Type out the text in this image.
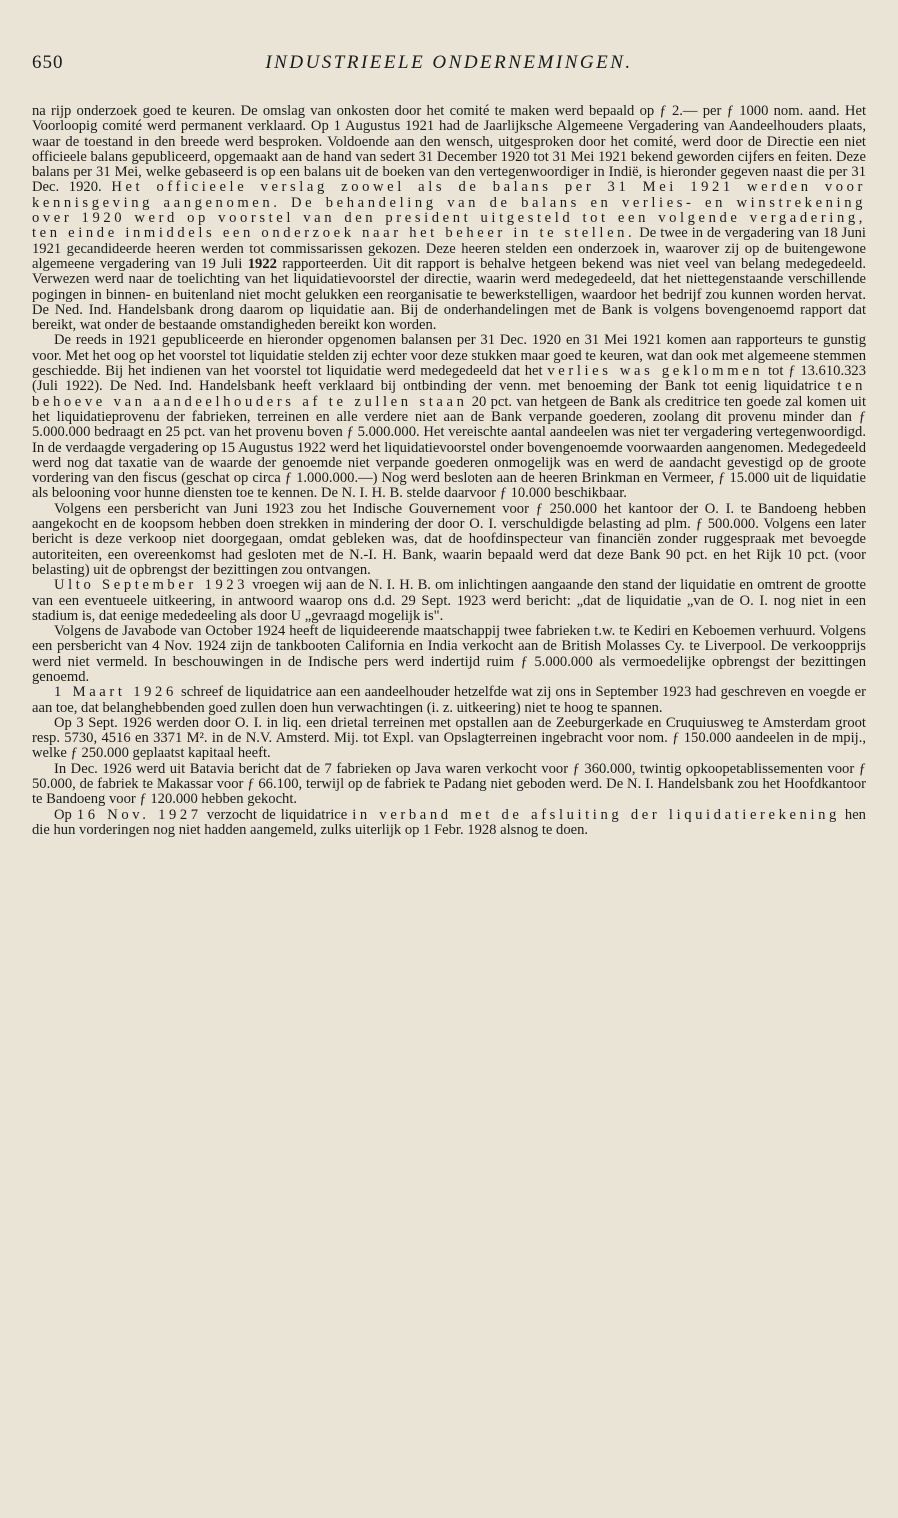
650	INDUSTRIEELE ONDERNEMINGEN.

na rijp onderzoek goed te keuren. De omslag van onkosten door het comité te maken werd bepaald op ƒ 2.— per ƒ 1000 nom. aand. Het Voorloopig comité werd permanent verklaard. Op 1 Augustus 1921 had de Jaarlijksche Algemeene Vergadering van Aandeelhouders plaats, waar de toestand in den breede werd besproken. Voldoende aan den wensch, uitgesproken door het comité, werd door de Directie een niet officieele balans gepubliceerd, opgemaakt aan de hand van sedert 31 December 1920 tot 31 Mei 1921 bekend geworden cijfers en feiten. Deze balans per 31 Mei, welke gebaseerd is op een balans uit de boeken van den vertegenwoordiger in Indië, is hieronder gegeven naast die per 31 Dec. 1920. Het officieele verslag zoowel als de balans per 31 Mei 1921 werden voor kennisgeving aangenomen. De behandeling van de balans en verlies- en winstrekening over 1920 werd op voorstel van den president uitgesteld tot een volgende vergadering, ten einde inmiddels een onderzoek naar het beheer in te stellen. De twee in de vergadering van 18 Juni 1921 gecandideerde heeren werden tot commissarissen gekozen. Deze heeren stelden een onderzoek in, waarover zij op de buitengewone algemeene vergadering van 19 Juli 1922 rapporteerden. Uit dit rapport is behalve hetgeen bekend was niet veel van belang medegedeeld. Verwezen werd naar de toelichting van het liquidatievoorstel der directie, waarin werd medegedeeld, dat het niettegenstaande verschillende pogingen in binnen- en buitenland niet mocht gelukken een reorganisatie te bewerkstelligen, waardoor het bedrijf zou kunnen worden hervat. De Ned. Ind. Handelsbank drong daarom op liquidatie aan. Bij de onderhandelingen met de Bank is volgens bovengenoemd rapport dat bereikt, wat onder de bestaande omstandigheden bereikt kon worden.

De reeds in 1921 gepubliceerde en hieronder opgenomen balansen per 31 Dec. 1920 en 31 Mei 1921 komen aan rapporteurs te gunstig voor. Met het oog op het voorstel tot liquidatie stelden zij echter voor deze stukken maar goed te keuren, wat dan ook met algemeene stemmen geschiedde. Bij het indienen van het voorstel tot liquidatie werd medegedeeld dat het verlies was geklommen tot ƒ 13.610.323 (Juli 1922). De Ned. Ind. Handelsbank heeft verklaard bij ontbinding der venn. met benoeming der Bank tot eenig liquidatrice ten behoeve van aandeelhouders af te zullen staan 20 pct. van hetgeen de Bank als creditrice ten goede zal komen uit het liquidatieprovenu der fabrieken, terreinen en alle verdere niet aan de Bank verpande goederen, zoolang dit provenu minder dan ƒ 5.000.000 bedraagt en 25 pct. van het provenu boven ƒ 5.000.000. Het vereischte aantal aandeelen was niet ter vergadering vertegenwoordigd. In de verdaagde vergadering op 15 Augustus 1922 werd het liquidatievoorstel onder bovengenoemde voorwaarden aangenomen. Medegedeeld werd nog dat taxatie van de waarde der genoemde niet verpande goederen onmogelijk was en werd de aandacht gevestigd op de groote vordering van den fiscus (geschat op circa ƒ 1.000.000.—) Nog werd besloten aan de heeren Brinkman en Vermeer, ƒ 15.000 uit de liquidatie als belooning voor hunne diensten toe te kennen. De N. I. H. B. stelde daarvoor ƒ 10.000 beschikbaar.

Volgens een persbericht van Juni 1923 zou het Indische Gouvernement voor ƒ 250.000 het kantoor der O. I. te Bandoeng hebben aangekocht en de koopsom hebben doen strekken in mindering der door O. I. verschuldigde belasting ad plm. ƒ 500.000. Volgens een later bericht is deze verkoop niet doorgegaan, omdat gebleken was, dat de hoofdinspecteur van financiën zonder ruggespraak met bevoegde autoriteiten, een overeenkomst had gesloten met de N.-I. H. Bank, waarin bepaald werd dat deze Bank 90 pct. en het Rijk 10 pct. (voor belasting) uit de opbrengst der bezittingen zou ontvangen.

Ulto September 1923 vroegen wij aan de N. I. H. B. om inlichtingen aangaande den stand der liquidatie en omtrent de grootte van een eventueele uitkeering, in antwoord waarop ons d.d. 29 Sept. 1923 werd bericht: „dat de liquidatie „van de O. I. nog niet in een stadium is, dat eenige mededeeling als door U „gevraagd mogelijk is".

Volgens de Javabode van October 1924 heeft de liquideerende maatschappij twee fabrieken t.w. te Kediri en Keboemen verhuurd. Volgens een persbericht van 4 Nov. 1924 zijn de tankbooten California en India verkocht aan de British Molasses Cy. te Liverpool. De verkoopprijs werd niet vermeld. In beschouwingen in de Indische pers werd indertijd ruim ƒ 5.000.000 als vermoedelijke opbrengst der bezittingen genoemd.

1 Maart 1926 schreef de liquidatrice aan een aandeelhouder hetzelfde wat zij ons in September 1923 had geschreven en voegde er aan toe, dat belanghebbenden goed zullen doen hun verwachtingen (i. z. uitkeering) niet te hoog te spannen.

Op 3 Sept. 1926 werden door O. I. in liq. een drietal terreinen met opstallen aan de Zeeburgerkade en Cruquiusweg te Amsterdam groot resp. 5730, 4516 en 3371 M². in de N.V. Amsterd. Mij. tot Expl. van Opslagterreinen ingebracht voor nom. ƒ 150.000 aandeelen in de mpij., welke ƒ 250.000 geplaatst kapitaal heeft.

In Dec. 1926 werd uit Batavia bericht dat de 7 fabrieken op Java waren verkocht voor ƒ 360.000, twintig opkoopetablissementen voor ƒ 50.000, de fabriek te Makassar voor ƒ 66.100, terwijl op de fabriek te Padang niet geboden werd. De N. I. Handelsbank zou het Hoofdkantoor te Bandoeng voor ƒ 120.000 hebben gekocht.

Op 16 Nov. 1927 verzocht de liquidatrice in verband met de afsluiting der liquidatierekening hen die hun vorderingen nog niet hadden aangemeld, zulks uiterlijk op 1 Febr. 1928 alsnog te doen.
